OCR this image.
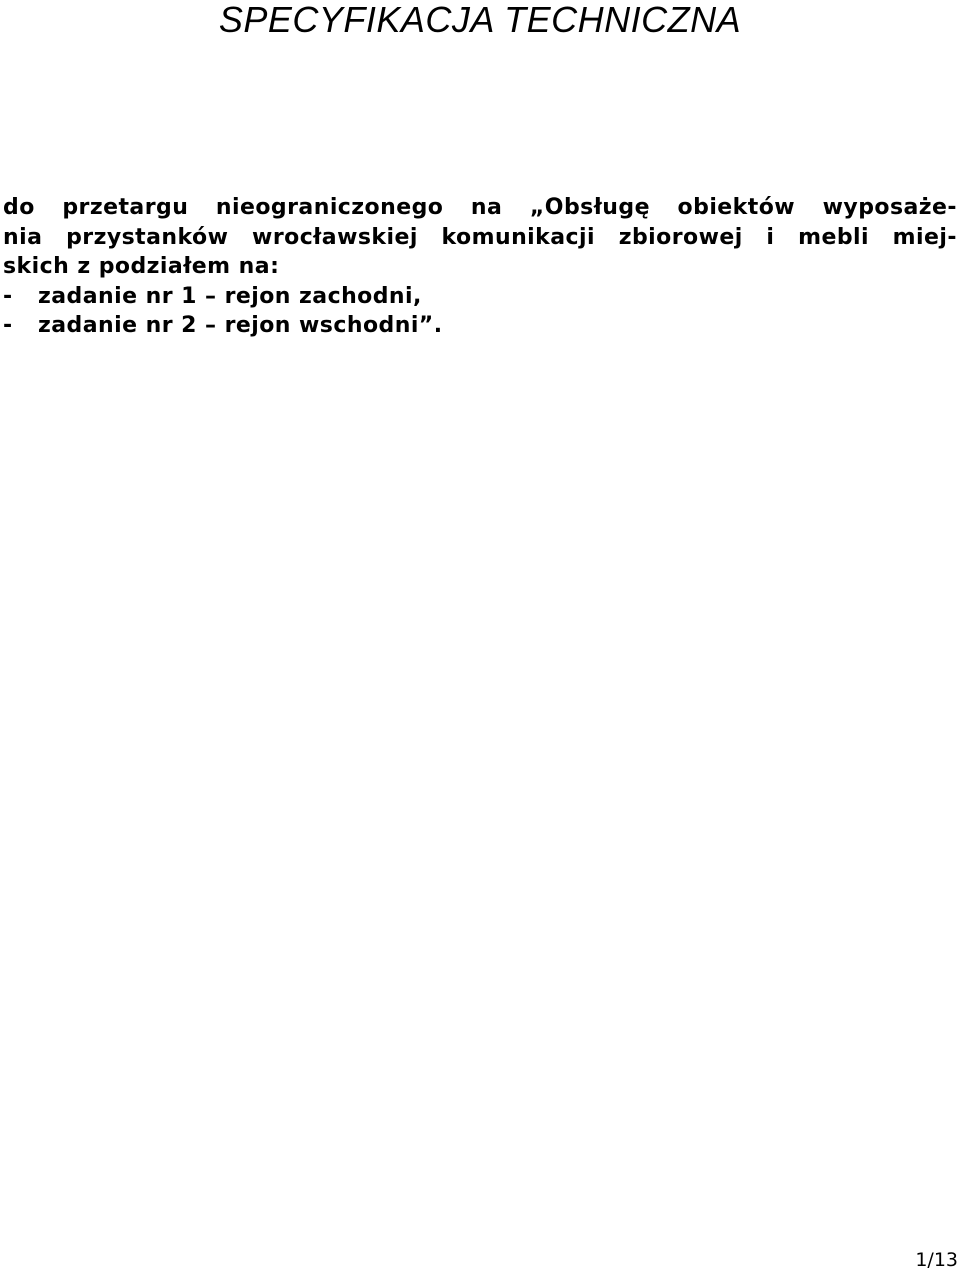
SPECYFIKACJA TECHNICZNA
do przetargu nieograniczonego na „Obsługę obiektów wyposaże-
nia przystanków wrocławskiej komunikacji zbiorowej i mebli miej-
skich z podziałem na:
- zadanie nr 1 – rejon zachodni,
- zadanie nr 2 – rejon wschodni”.
1/13
